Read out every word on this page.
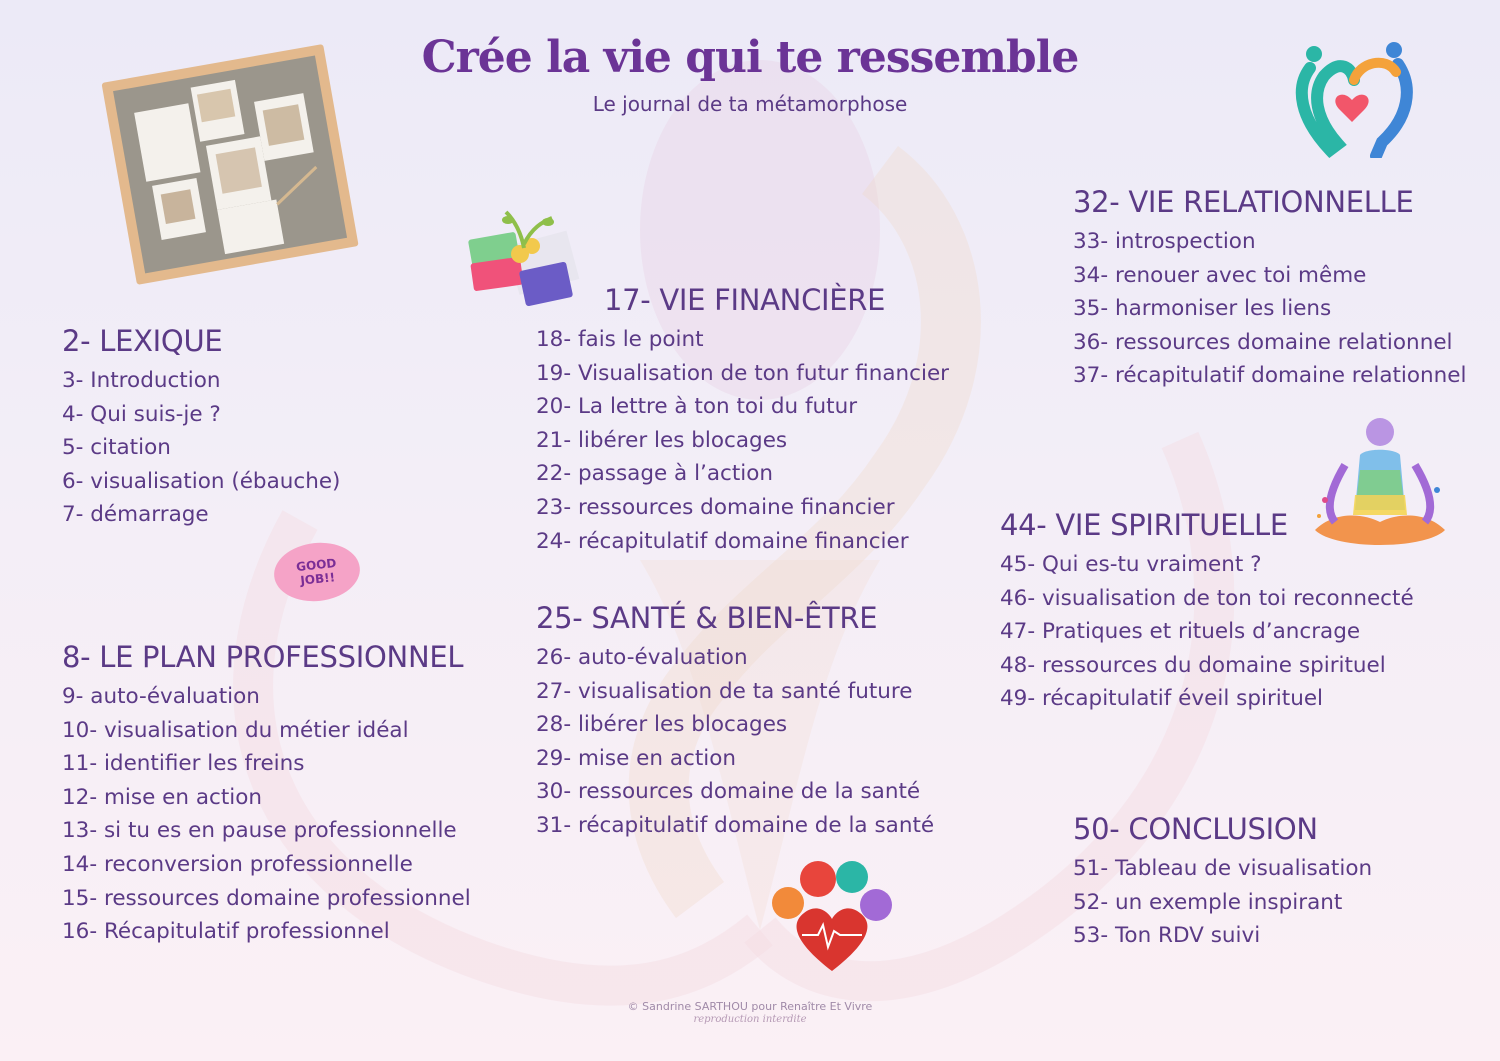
Crée la vie qui te ressemble
Le journal de ta métamorphose
GOOD JOB!!
2- LEXIQUE
3- Introduction
4- Qui suis-je ?
5- citation
6- visualisation (ébauche)
7- démarrage
8- LE PLAN PROFESSIONNEL
9- auto-évaluation
10- visualisation du métier idéal
11- identifier les freins
12- mise en action
13- si tu es en pause professionnelle
14- reconversion professionnelle
15- ressources domaine professionnel
16- Récapitulatif professionnel
17- VIE FINANCIÈRE
18- fais le point
19- Visualisation de ton futur financier
20- La lettre à ton toi du futur
21- libérer les blocages
22- passage à l’action
23- ressources domaine financier
24- récapitulatif domaine financier
25- SANTÉ & BIEN-ÊTRE
26- auto-évaluation
27- visualisation de ta santé future
28- libérer les blocages
29- mise en action
30- ressources domaine de la santé
31- récapitulatif domaine de la santé
32- VIE RELATIONNELLE
33- introspection
34- renouer avec toi même
35- harmoniser les liens
36- ressources domaine relationnel
37- récapitulatif domaine relationnel
44- VIE SPIRITUELLE
45- Qui es-tu vraiment ?
46- visualisation de ton toi reconnecté
47- Pratiques et rituels d’ancrage
48- ressources du domaine spirituel
49- récapitulatif éveil spirituel
50- CONCLUSION
51- Tableau de visualisation
52- un exemple inspirant
53- Ton RDV suivi
© Sandrine SARTHOU pour Renaître Et Vivre
reproduction interdite
